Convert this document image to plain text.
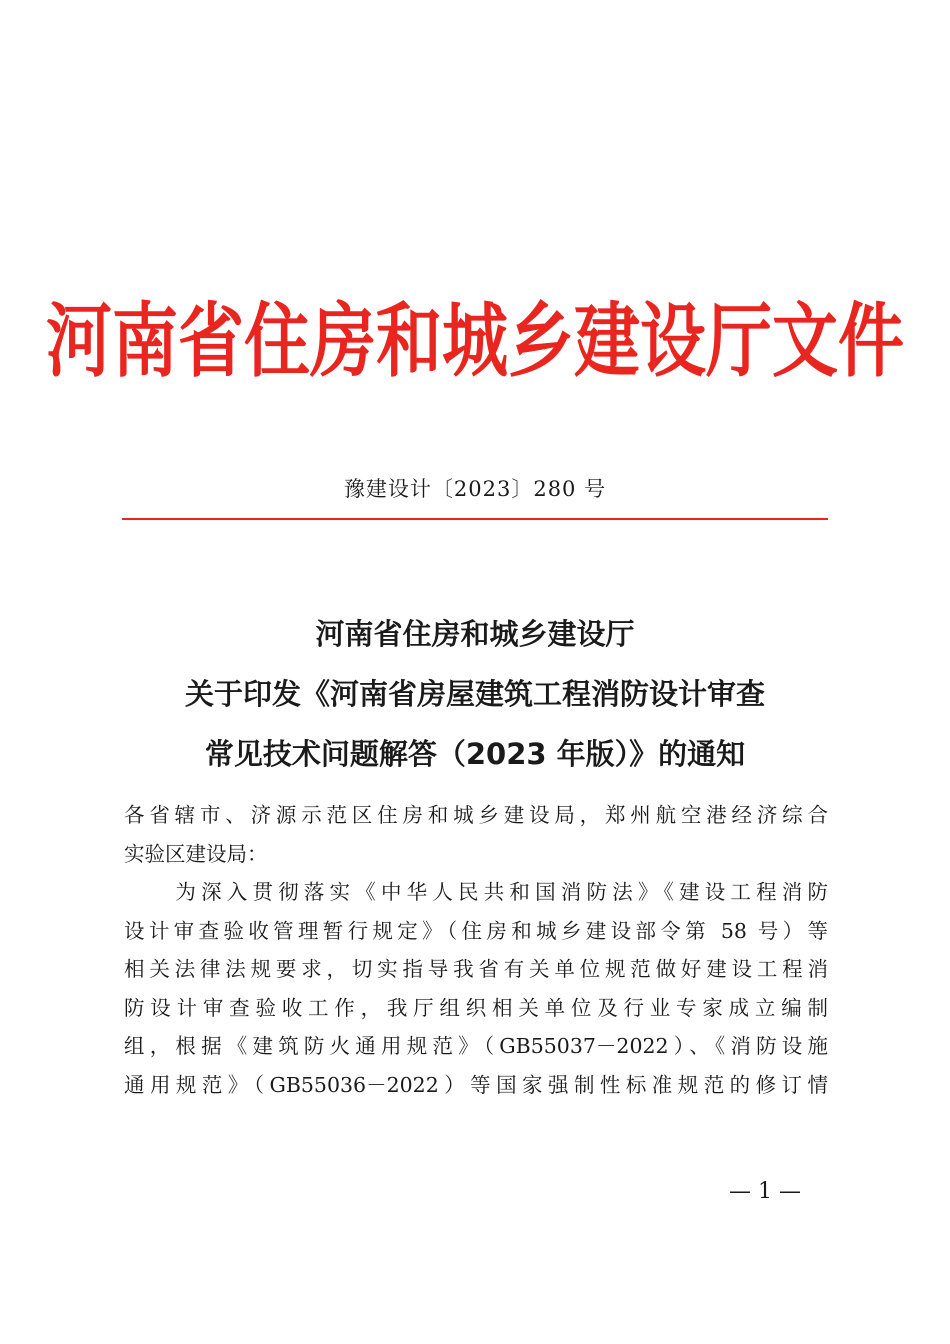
河南省住房和城乡建设厅文件
豫建设计〔2023〕280 号
河南省住房和城乡建设厅
关于印发《河南省房屋建筑工程消防设计审查
常见技术问题解答（2023 年版）》的通知
各省辖市、济源示范区住房和城乡建设局，郑州航空港经济综合
实验区建设局：
　　为深入贯彻落实《中华人民共和国消防法》《建设工程消防
设计审查验收管理暂行规定》（住房和城乡建设部令第 58 号）等
相关法律法规要求，切实指导我省有关单位规范做好建设工程消
防设计审查验收工作，我厅组织相关单位及行业专家成立编制
组，根据《建筑防火通用规范》（GB55037－2022）、《消防设施
通用规范》（GB55036－2022）等国家强制性标准规范的修订情
— 1 —
